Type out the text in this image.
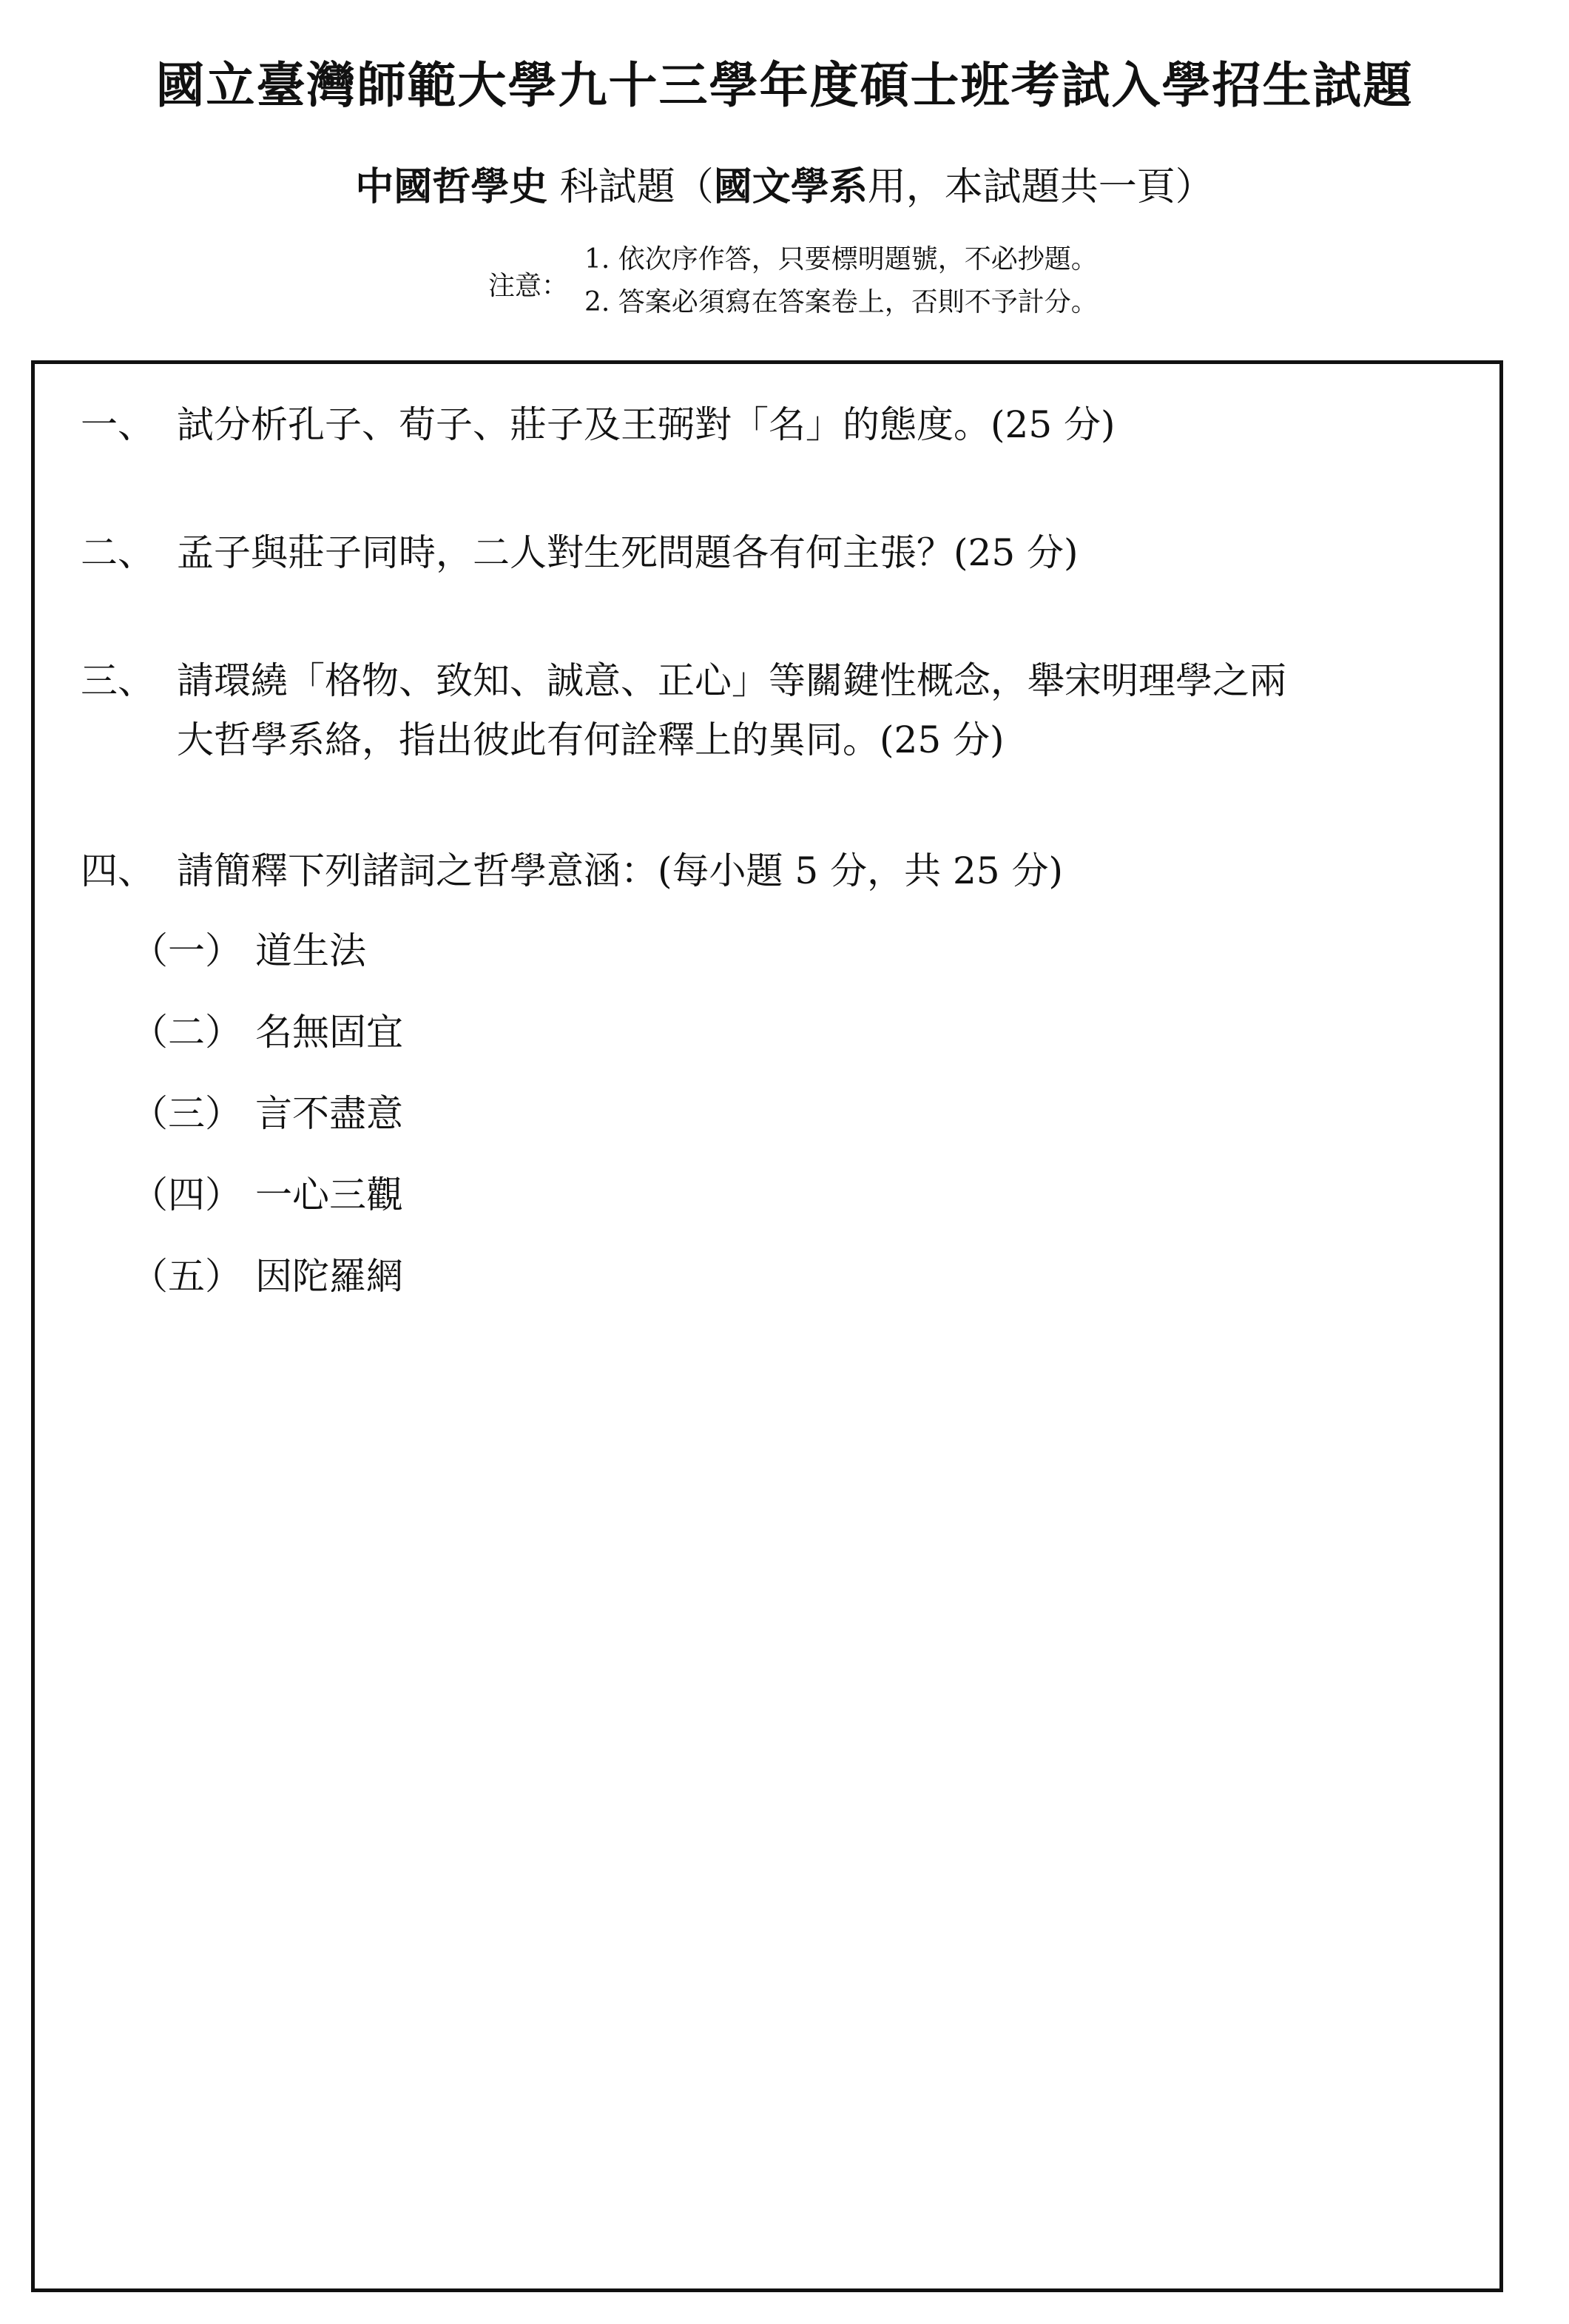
國立臺灣師範大學九十三學年度碩士班考試入學招生試題
中國哲學史 科試題（國文學系用，本試題共一頁）
注意：
1. 依次序作答，只要標明題號，不必抄題。
2. 答案必須寫在答案卷上，否則不予計分。
一、 試分析孔子、荀子、莊子及王弼對「名」的態度。(25 分)
二、 孟子與莊子同時，二人對生死問題各有何主張？(25 分)
三、 請環繞「格物、致知、誠意、正心」等關鍵性概念，舉宋明理學之兩
大哲學系絡，指出彼此有何詮釋上的異同。(25 分)
四、 請簡釋下列諸詞之哲學意涵：(每小題 5 分，共 25 分)
（一） 道生法
（二） 名無固宜
（三） 言不盡意
（四） 一心三觀
（五） 因陀羅網
